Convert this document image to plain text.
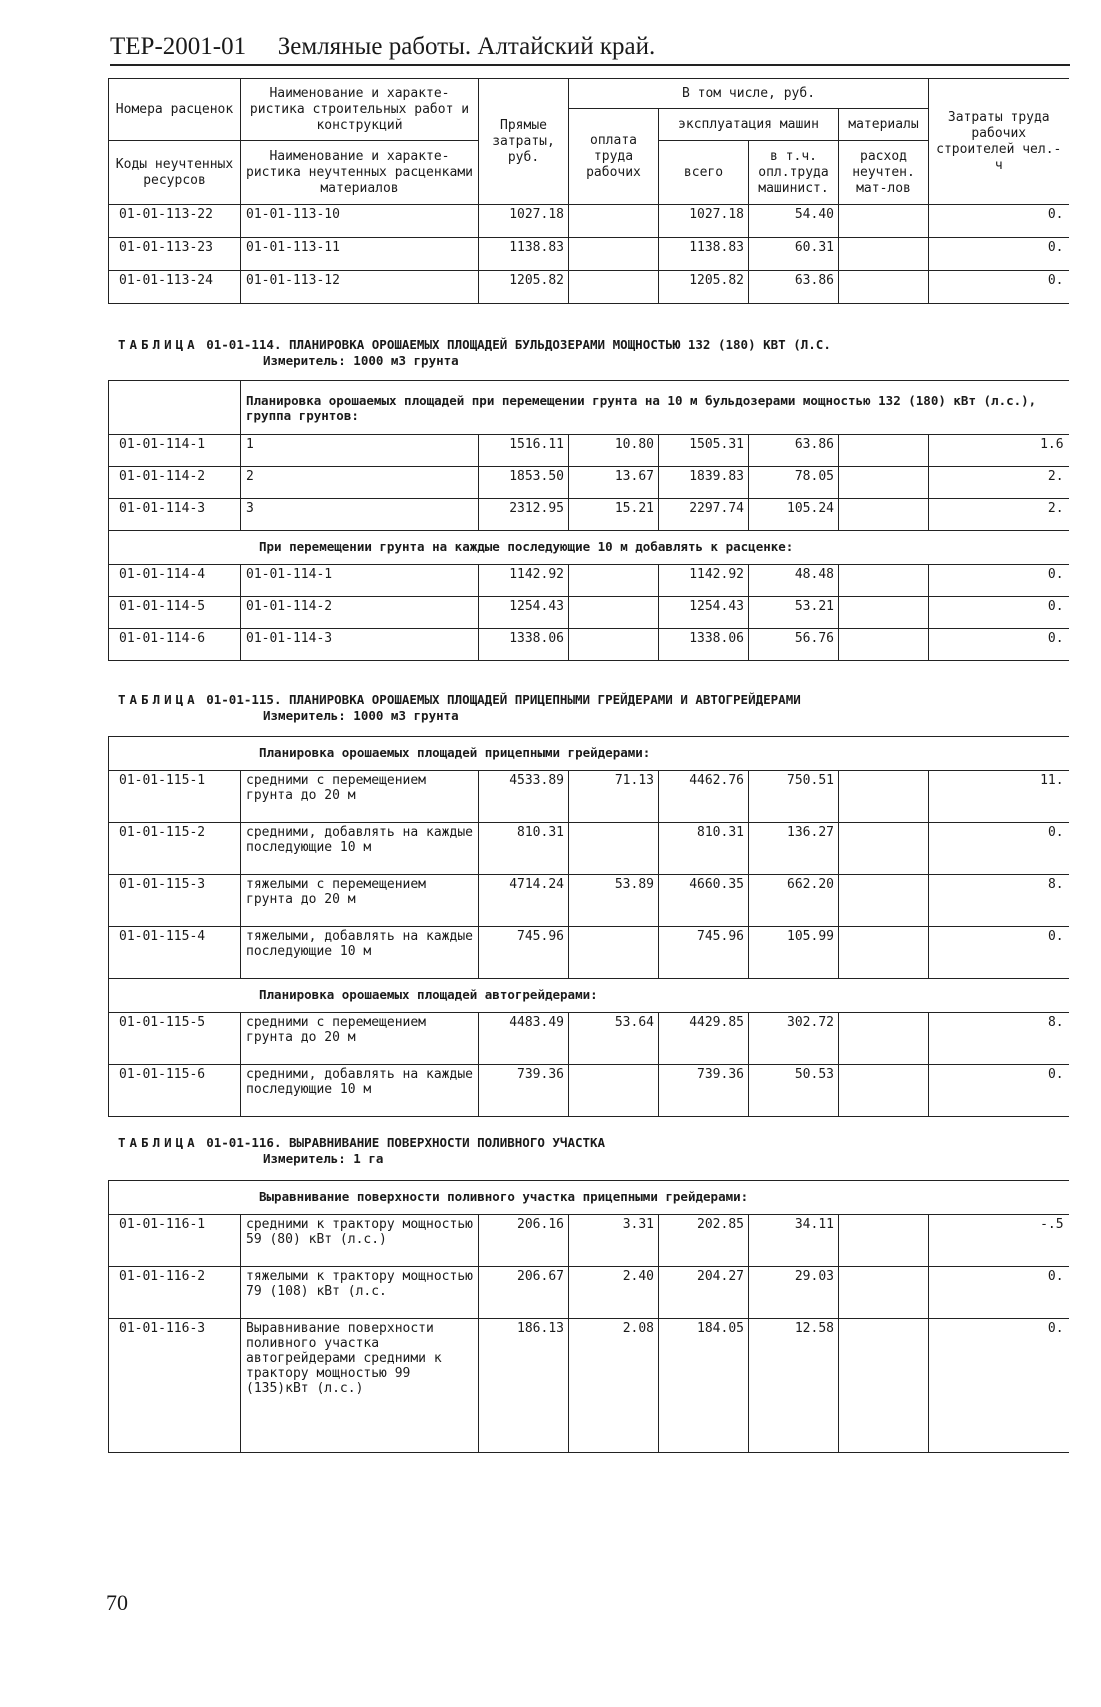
ТЕР-2001-01 Земляные работы. Алтайский край.
Номера расценок	Наименование и характе-ристика строительных работ и конструкций	Прямые затраты, руб.	В том числе, руб.				Затраты труда рабочих строителей чел.-ч
			оплата труда рабочих	эксплуатация машин		материалы	
Коды неучтенных ресурсов	Наименование и характе-ристика неучтенных расценками материалов			всего	в т.ч. опл.труда машинист.	расход неучтен. мат-лов	

01-01-113-22	01-01-113-10	1027.18		1027.18	54.40		0.
01-01-113-23	01-01-113-11	1138.83		1138.83	60.31		0.
01-01-113-24	01-01-113-12	1205.82		1205.82	63.86		0.
ТАБЛИЦА 01-01-114. ПЛАНИРОВКА ОРОШАЕМЫХ ПЛОЩАДЕЙ БУЛЬДОЗЕРАМИ МОЩНОСТЬЮ 132 (180) КВТ (Л.С.
Измеритель: 1000 м3 грунта
	Планировка орошаемых площадей при перемещении грунта на 10 м бульдозерами мощностью 132 (180) кВт (л.с.), группа грунтов:						
01-01-114-1	1	1516.11	10.80	1505.31	63.86		1.6
01-01-114-2	2	1853.50	13.67	1839.83	78.05		2.
01-01-114-3	3	2312.95	15.21	2297.74	105.24		2.
При перемещении грунта на каждые последующие 10 м добавлять к расценке:							
01-01-114-4	01-01-114-1	1142.92		1142.92	48.48		0.
01-01-114-5	01-01-114-2	1254.43		1254.43	53.21		0.
01-01-114-6	01-01-114-3	1338.06		1338.06	56.76		0.
ТАБЛИЦА 01-01-115. ПЛАНИРОВКА ОРОШАЕМЫХ ПЛОЩАДЕЙ ПРИЦЕПНЫМИ ГРЕЙДЕРАМИ И АВТОГРЕЙДЕРАМИ
Измеритель: 1000 м3 грунта
Планировка орошаемых площадей прицепными грейдерами:							
01-01-115-1	средними с перемещением грунта до 20 м	4533.89	71.13	4462.76	750.51		11.
01-01-115-2	средними, добавлять на каждые последующие 10 м	810.31		810.31	136.27		0.
01-01-115-3	тяжелыми с перемещением грунта до 20 м	4714.24	53.89	4660.35	662.20		8.
01-01-115-4	тяжелыми, добавлять на каждые последующие 10 м	745.96		745.96	105.99		0.
Планировка орошаемых площадей автогрейдерами:							
01-01-115-5	средними с перемещением грунта до 20 м	4483.49	53.64	4429.85	302.72		8.
01-01-115-6	средними, добавлять на каждые последующие 10 м	739.36		739.36	50.53		0.
ТАБЛИЦА 01-01-116. ВЫРАВНИВАНИЕ ПОВЕРХНОСТИ ПОЛИВНОГО УЧАСТКА
Измеритель: 1 га
Выравнивание поверхности поливного участка прицепными грейдерами:							
01-01-116-1	средними к трактору мощностью 59 (80) кВт (л.с.)	206.16	3.31	202.85	34.11		-.5
01-01-116-2	тяжелыми к трактору мощностью 79 (108) кВт (л.с.	206.67	2.40	204.27	29.03		0.
01-01-116-3	Выравнивание поверхности поливного участка автогрейдерами средними к трактору мощностью 99 (135)кВт (л.с.)	186.13	2.08	184.05	12.58		0.
70
